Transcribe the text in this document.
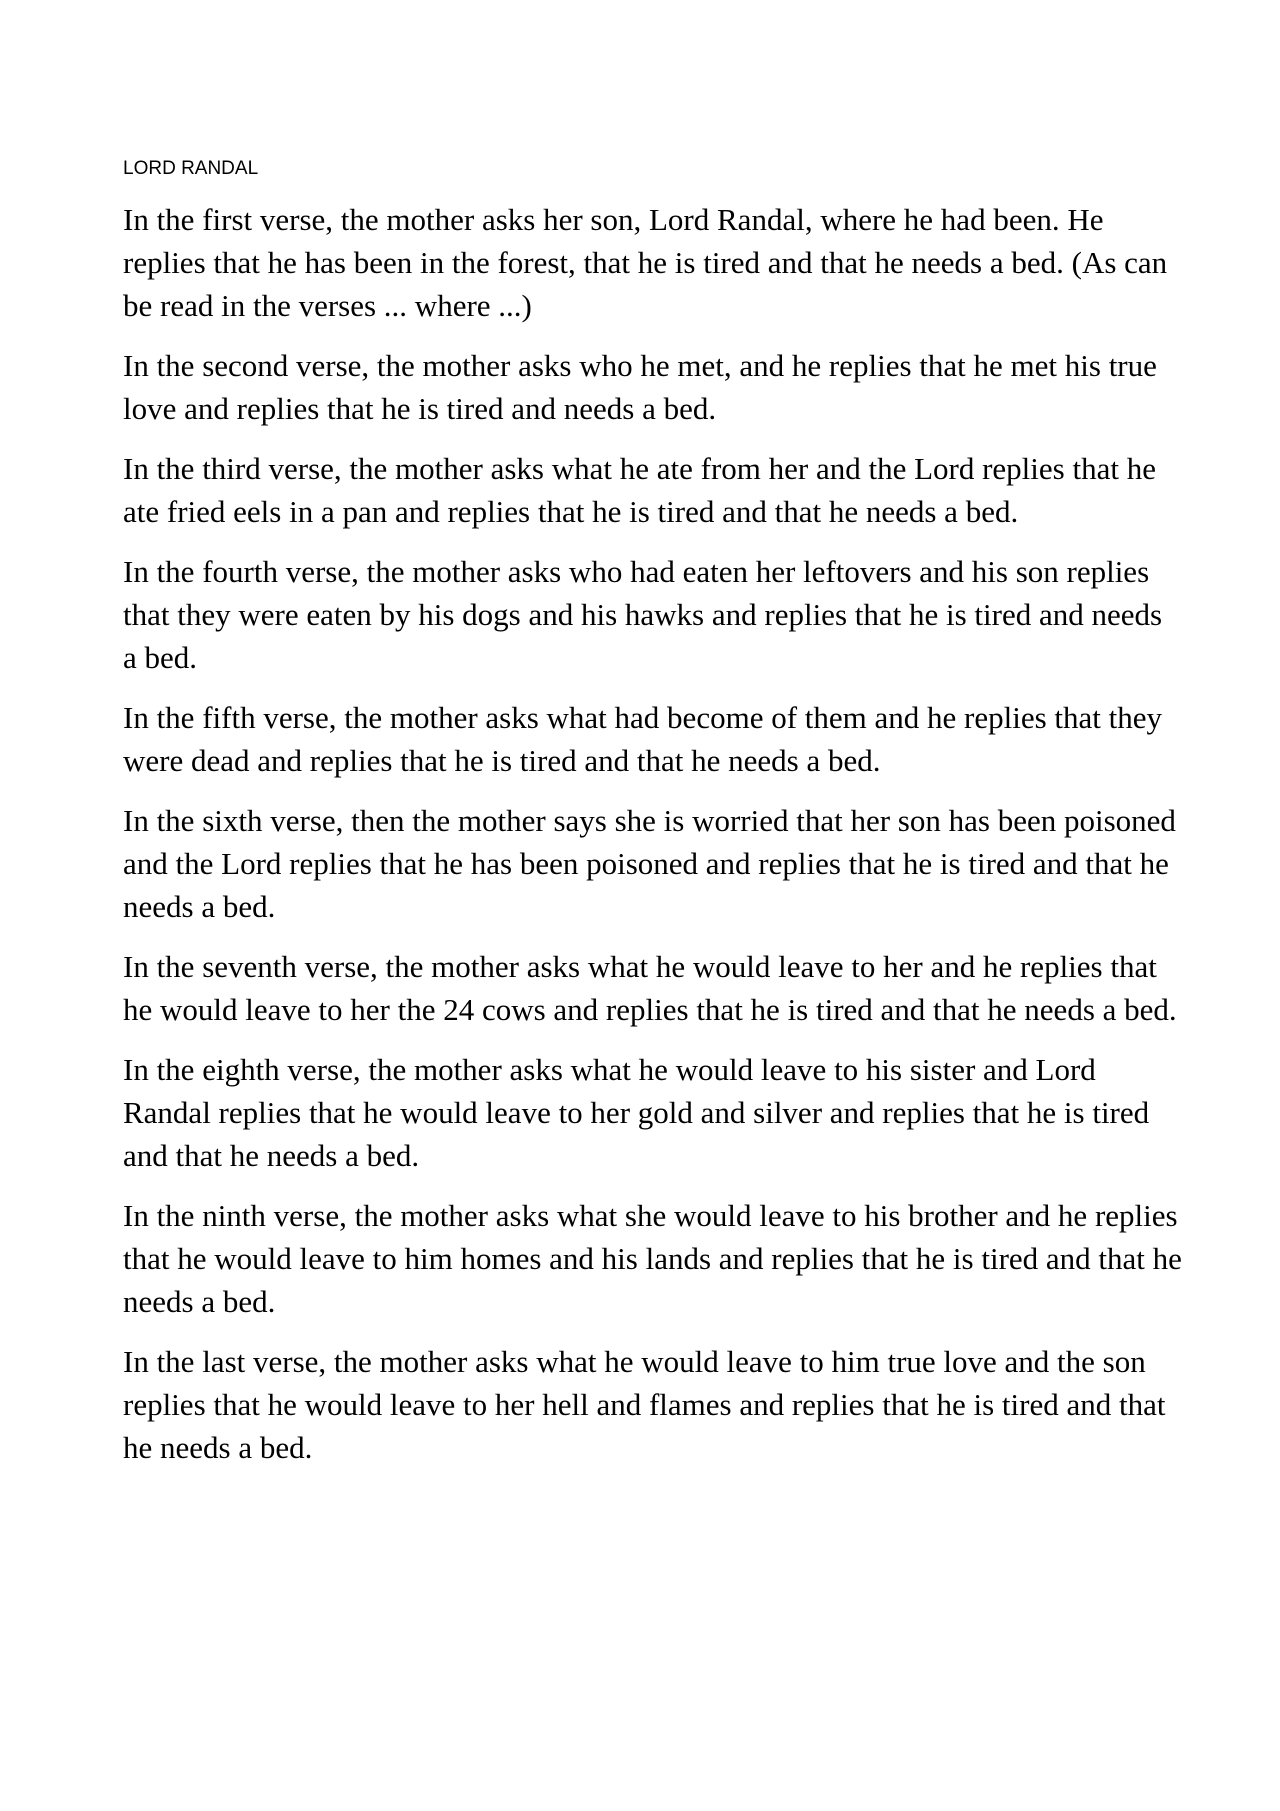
LORD RANDAL

In the first verse, the mother asks her son, Lord Randal, where he had been. He replies that he has been in the forest, that he is tired and that he needs a bed. (As can be read in the verses ... where ...)

In the second verse, the mother asks who he met, and he replies that he met his true love and replies that he is tired and needs a bed.

In the third verse, the mother asks what he ate from her and the Lord replies that he ate fried eels in a pan and replies that he is tired and that he needs a bed.

In the fourth verse, the mother asks who had eaten her leftovers and his son replies that they were eaten by his dogs and his hawks and replies that he is tired and needs a bed.

In the fifth verse, the mother asks what had become of them and he replies that they were dead and replies that he is tired and that he needs a bed.

In the sixth verse, then the mother says she is worried that her son has been poisoned and the Lord replies that he has been poisoned and replies that he is tired and that he needs a bed.

In the seventh verse, the mother asks what he would leave to her and he replies that he would leave to her the 24 cows and replies that he is tired and that he needs a bed.

In the eighth verse, the mother asks what he would leave to his sister and Lord Randal replies that he would leave to her gold and silver and replies that he is tired and that he needs a bed.

In the ninth verse, the mother asks what she would leave to his brother and he replies that he would leave to him homes and his lands and replies that he is tired and that he needs a bed.

In the last verse, the mother asks what he would leave to him true love and the son replies that he would leave to her hell and flames and replies that he is tired and that he needs a bed.
